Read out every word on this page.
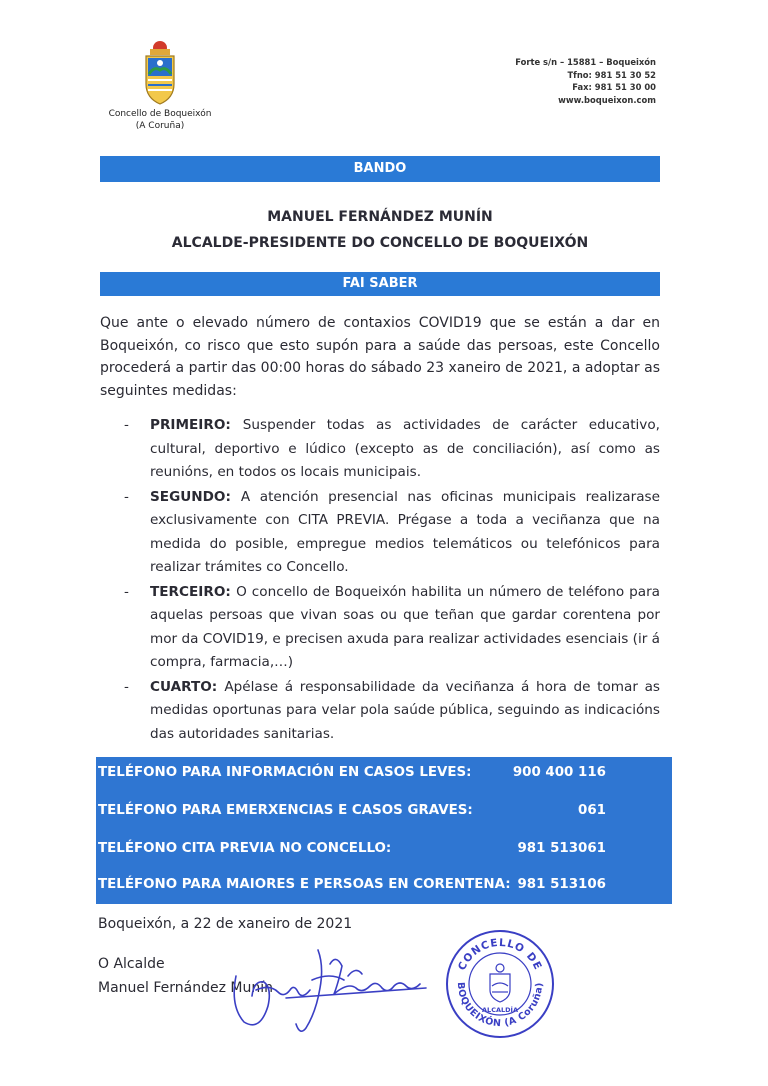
Concello de Boqueixón
(A Coruña)
Forte s/n – 15881 – Boqueixón
Tfno: 981 51 30 52
Fax: 981 51 30 00
www.boqueixon.com
BANDO
MANUEL FERNÁNDEZ MUNÍN
ALCALDE-PRESIDENTE DO CONCELLO DE BOQUEIXÓN
FAI SABER

Que ante o elevado número de contaxios COVID19 que se están a dar en Boqueixón, co risco que esto supón para a saúde das persoas, este Concello procederá a partir das 00:00 horas do sábado 23 xaneiro de 2021, a adoptar as seguintes medidas:

- PRIMEIRO: Suspender todas as actividades de carácter educativo, cultural, deportivo e lúdico (excepto as de conciliación), así como as reunións, en todos os locais municipais.
- SEGUNDO: A atención presencial nas oficinas municipais realizarase exclusivamente con CITA PREVIA. Prégase a toda a veciñanza que na medida do posible, empregue medios telemáticos ou telefónicos para realizar trámites co Concello.
- TERCEIRO: O concello de Boqueixón habilita un número de teléfono para aquelas persoas que vivan soas ou que teñan que gardar corentena por mor da COVID19, e precisen axuda para realizar actividades esenciais (ir á compra, farmacia,…)
- CUARTO: Apélase á responsabilidade da veciñanza á hora de tomar as medidas oportunas para velar pola saúde pública, seguindo as indicacións das autoridades sanitarias.
TELÉFONO PARA INFORMACIÓN EN CASOS LEVES:	900 400 116
TELÉFONO PARA EMERXENCIAS E CASOS GRAVES:	061
TELÉFONO CITA PREVIA NO CONCELLO:	981 513061
TELÉFONO PARA MAIORES E PERSOAS EN CORENTENA: 981 513106
Boqueixón, a 22 de xaneiro de 2021
O Alcalde
Manuel Fernández Munín
CONCELLO DE
BOQUEIXÓN (A Coruña)
ALCALDÍA
